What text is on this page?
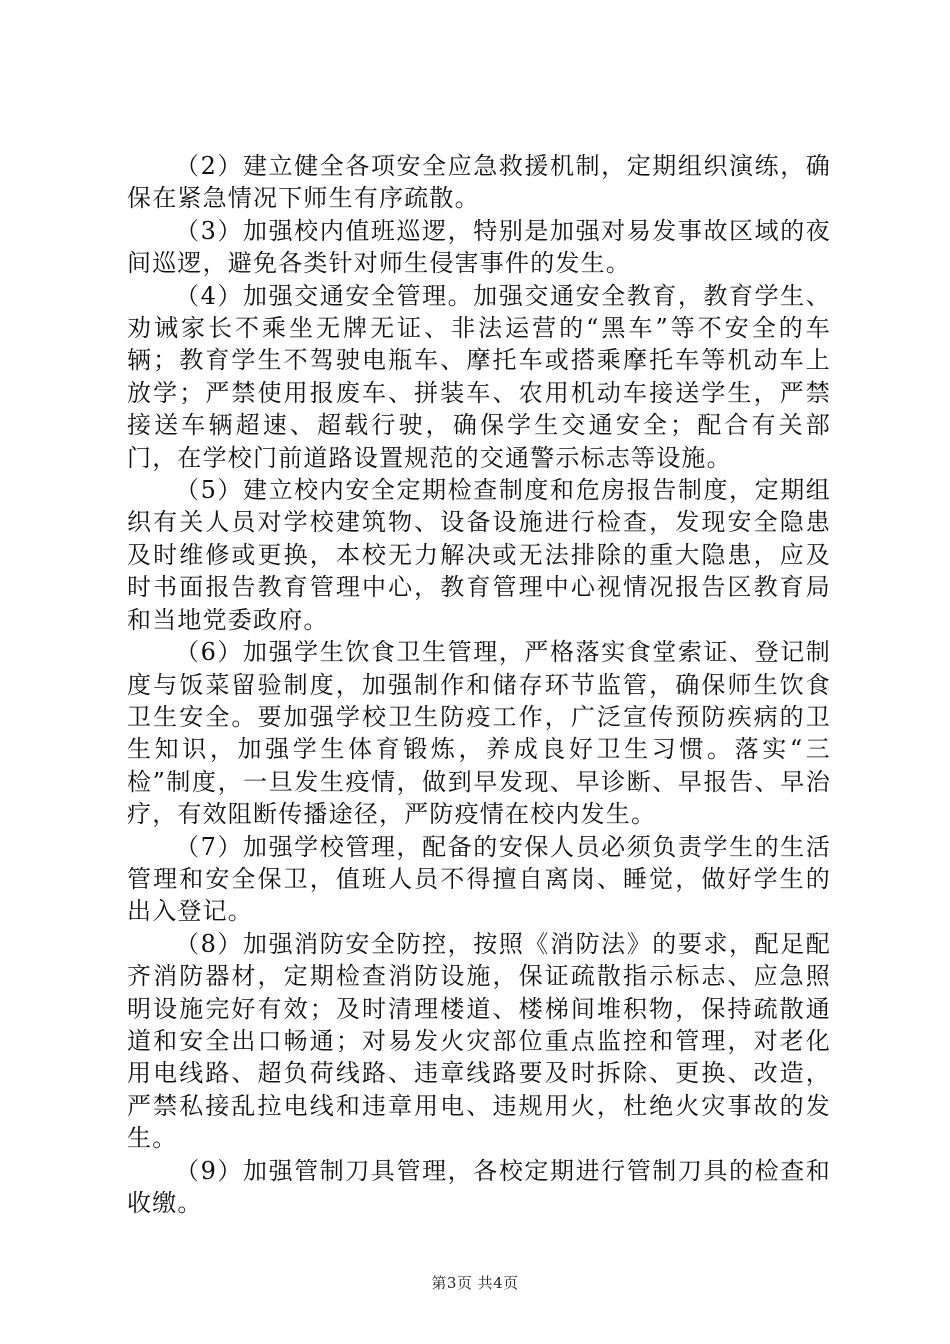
（2）建立健全各项安全应急救援机制，定期组织演练，确保在紧急情况下师生有序疏散。

（3）加强校内值班巡逻，特别是加强对易发事故区域的夜间巡逻，避免各类针对师生侵害事件的发生。

（4）加强交通安全管理。加强交通安全教育，教育学生、劝诫家长不乘坐无牌无证、非法运营的“黑车”等不安全的车辆；教育学生不驾驶电瓶车、摩托车或搭乘摩托车等机动车上放学；严禁使用报废车、拼装车、农用机动车接送学生，严禁接送车辆超速、超载行驶，确保学生交通安全；配合有关部门，在学校门前道路设置规范的交通警示标志等设施。

（5）建立校内安全定期检查制度和危房报告制度，定期组织有关人员对学校建筑物、设备设施进行检查，发现安全隐患及时维修或更换，本校无力解决或无法排除的重大隐患，应及时书面报告教育管理中心，教育管理中心视情况报告区教育局和当地党委政府。

（6）加强学生饮食卫生管理，严格落实食堂索证、登记制度与饭菜留验制度，加强制作和储存环节监管，确保师生饮食卫生安全。要加强学校卫生防疫工作，广泛宣传预防疾病的卫生知识，加强学生体育锻炼，养成良好卫生习惯。落实“三检”制度，一旦发生疫情，做到早发现、早诊断、早报告、早治疗，有效阻断传播途径，严防疫情在校内发生。

（7）加强学校管理，配备的安保人员必须负责学生的生活管理和安全保卫，值班人员不得擅自离岗、睡觉，做好学生的出入登记。

（8）加强消防安全防控，按照《消防法》的要求，配足配齐消防器材，定期检查消防设施，保证疏散指示标志、应急照明设施完好有效；及时清理楼道、楼梯间堆积物，保持疏散通道和安全出口畅通；对易发火灾部位重点监控和管理，对老化用电线路、超负荷线路、违章线路要及时拆除、更换、改造，严禁私接乱拉电线和违章用电、违规用火，杜绝火灾事故的发生。

（9）加强管制刀具管理，各校定期进行管制刀具的检查和收缴。

第3页 共4页
